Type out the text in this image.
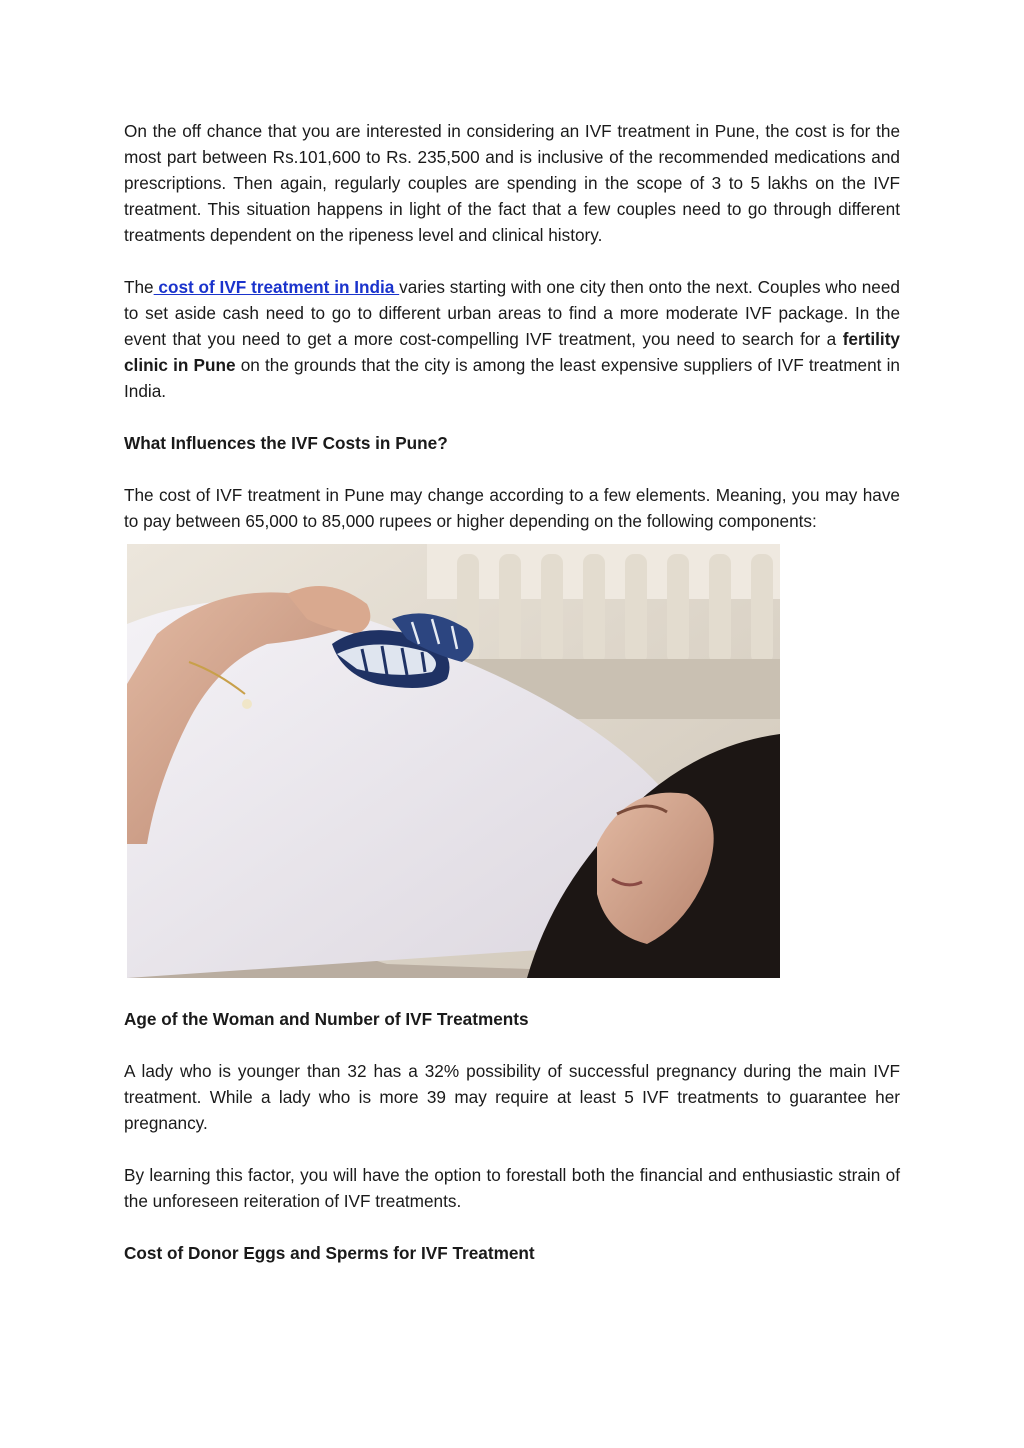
On the off chance that you are interested in considering an IVF treatment in Pune, the cost is for the most part between Rs.101,600 to Rs. 235,500 and is inclusive of the recommended medications and prescriptions. Then again, regularly couples are spending in the scope of 3 to 5 lakhs on the IVF treatment. This situation happens in light of the fact that a few couples need to go through different treatments dependent on the ripeness level and clinical history.

The cost of IVF treatment in India varies starting with one city then onto the next. Couples who need to set aside cash need to go to different urban areas to find a more moderate IVF package. In the event that you need to get a more cost-compelling IVF treatment, you need to search for a fertility clinic in Pune on the grounds that the city is among the least expensive suppliers of IVF treatment in India.

What Influences the IVF Costs in Pune?

The cost of IVF treatment in Pune may change according to a few elements. Meaning, you may have to pay between 65,000 to 85,000 rupees or higher depending on the following components:

Age of the Woman and Number of IVF Treatments

A lady who is younger than 32 has a 32% possibility of successful pregnancy during the main IVF treatment. While a lady who is more 39 may require at least 5 IVF treatments to guarantee her pregnancy.

By learning this factor, you will have the option to forestall both the financial and enthusiastic strain of the unforeseen reiteration of IVF treatments.

Cost of Donor Eggs and Sperms for IVF Treatment
